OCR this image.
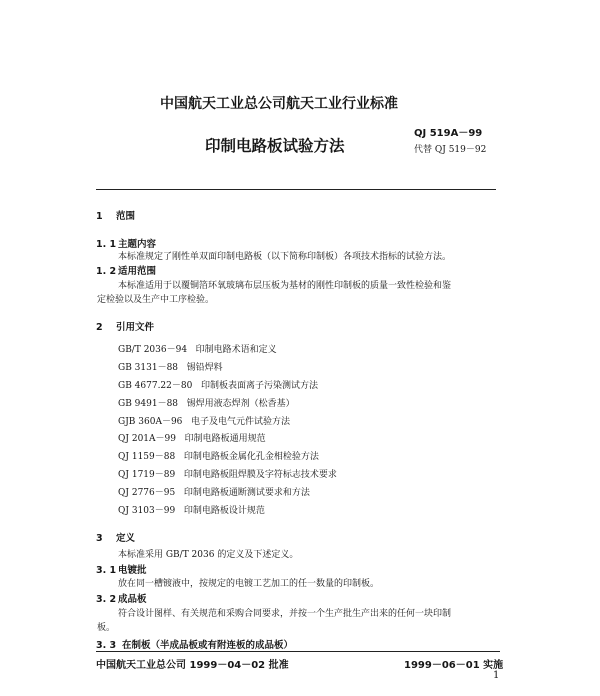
中国航天工业总公司航天工业行业标准
QJ 519A－99
印制电路板试验方法	代替 QJ 519－92
1 范围
1. 1 主题内容
本标准规定了刚性单双面印制电路板（以下简称印制板）各项技术指标的试验方法。
1. 2 适用范围
本标准适用于以覆铜箔环氧玻璃布层压板为基材的刚性印制板的质量一致性检验和鉴
定检验以及生产中工序检验。
2 引用文件
GB/T 2036－94 印制电路术语和定义
GB 3131－88 锡铅焊料
GB 4677.22－80 印制板表面离子污染测试方法
GB 9491－88 锡焊用液态焊剂（松香基）
GJB 360A－96 电子及电气元件试验方法
QJ 201A－99 印制电路板通用规范
QJ 1159－88 印制电路板金属化孔金相检验方法
QJ 1719－89 印制电路板阻焊膜及字符标志技术要求
QJ 2776－95 印制电路板通断测试要求和方法
QJ 3103－99 印制电路板设计规范
3 定义
本标准采用 GB/T 2036 的定义及下述定义。
3. 1 电镀批
放在同一槽镀液中，按规定的电镀工艺加工的任一数量的印制板。
3. 2 成品板
符合设计图样、有关规范和采购合同要求，并按一个生产批生产出来的任何一块印制
板。
3. 3 在制板（半成品板或有附连板的成品板）
中国航天工业总公司 1999－04－02 批准	1999－06－01 实施
1
